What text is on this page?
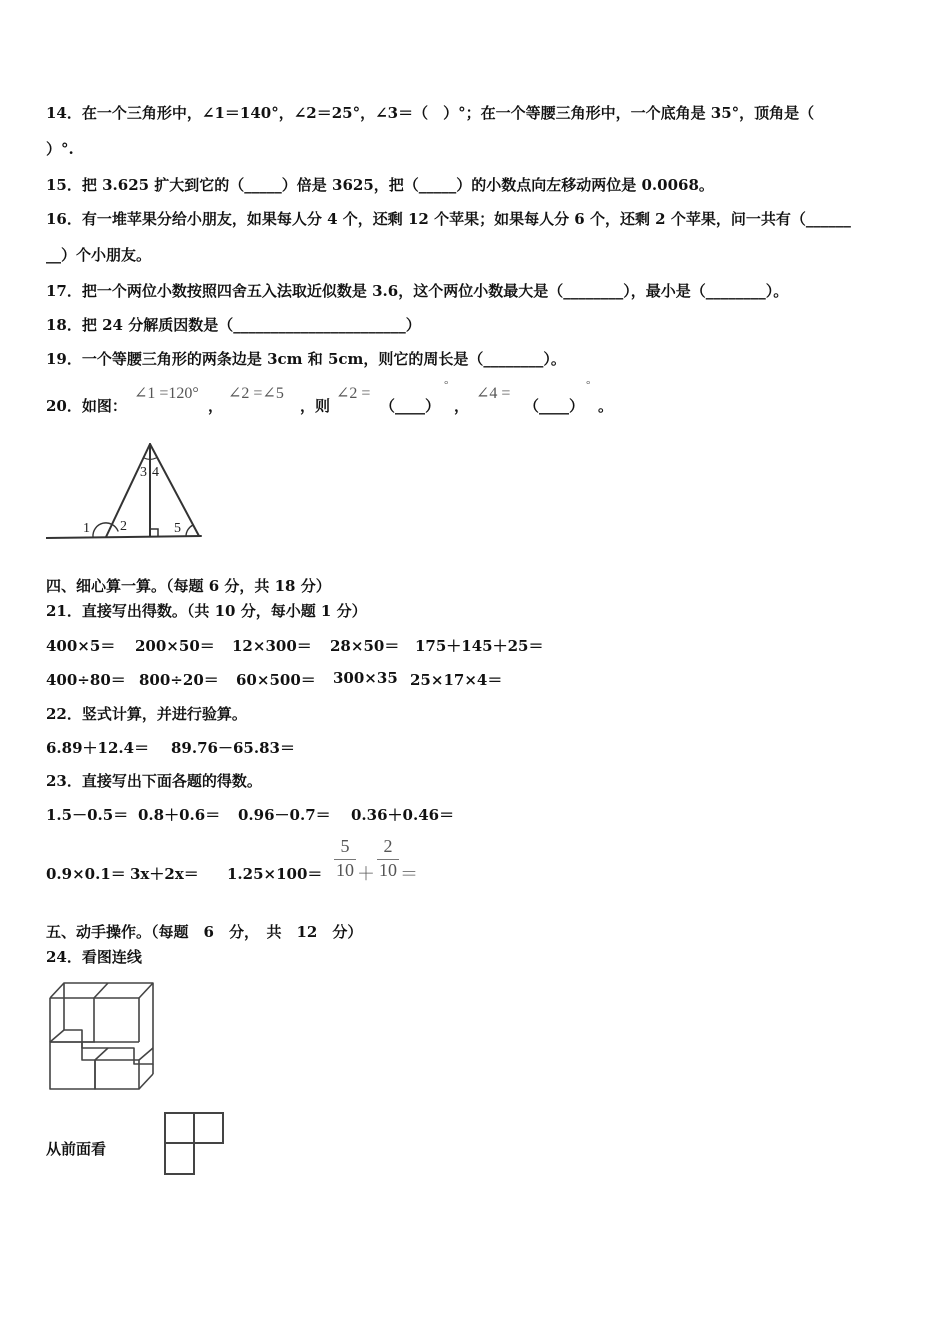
14．在一个三角形中，∠1＝140°，∠2＝25°，∠3＝（　）°；在一个等腰三角形中，一个底角是 35°，顶角是（
）°.
15．把 3.625 扩大到它的（_____）倍是 3625，把（_____）的小数点向左移动两位是 0.0068。
16．有一堆苹果分给小朋友，如果每人分 4 个，还剩 12 个苹果；如果每人分 6 个，还剩 2 个苹果，问一共有（______
__）个小朋友。
17．把一个两位小数按照四舍五入法取近似数是 3.6，这个两位小数最大是（________），最小是（________）。
18．把 24 分解质因数是（_______________________）
19．一个等腰三角形的两条边是 3cm 和 5cm，则它的周长是（________）。
20．如图：
∠1 =120°
，
∠2 =∠5
，则
∠2 =
（____）
°
，
∠4 =
（____）
°
。
1 2
3 4
5
四、细心算一算。（每题 6 分，共 18 分）
21．直接写出得数。（共 10 分，每小题 1 分）
400×5＝ 200×50＝ 12×300＝ 28×50＝ 175＋145＋25＝
400÷80＝ 800÷20＝ 60×500＝ 300×35 25×17×4＝
22．竖式计算，并进行验算。
6.89＋12.4＝ 89.76－65.83＝
23．直接写出下面各题的得数。
1.5－0.5＝ 0.8＋0.6＝ 0.96－0.7＝ 0.36＋0.46＝
0.9×0.1＝ 3x＋2x＝ 1.25×100＝
5
10 ＋
2
10 ＝
五、动手操作。（每题　6　分，　共　12　分）
24．看图连线
从前面看
